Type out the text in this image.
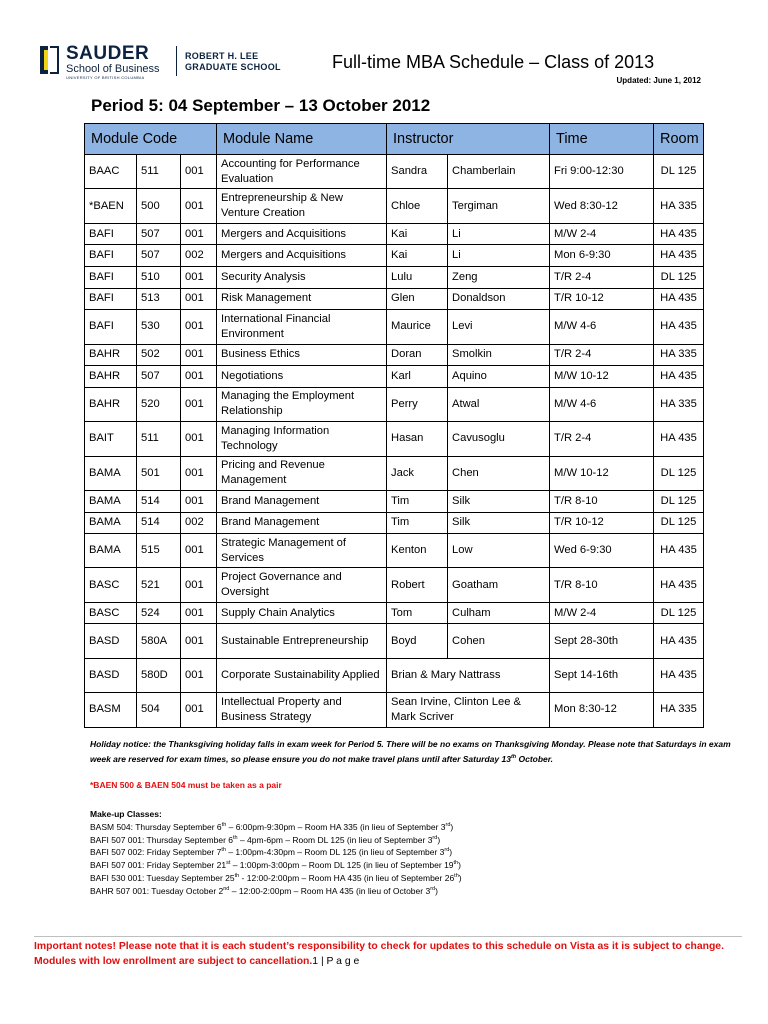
SAUDER
School of Business
UNIVERSITY OF BRITISH COLUMBIA
ROBERT H. LEE
GRADUATE SCHOOL	Full-time MBA Schedule – Class of 2013
Updated: June 1, 2012
Period 5: 04 September – 13 October 2012
Module Code			Module Name	Instructor		Time	Room
BAAC	511	001	Accounting for Performance Evaluation	Sandra	Chamberlain	Fri 9:00-12:30	DL 125
*BAEN	500	001	Entrepreneurship & New Venture Creation	Chloe	Tergiman	Wed 8:30-12	HA 335
BAFI	507	001	Mergers and Acquisitions	Kai	Li	M/W 2-4	HA 435
BAFI	507	002	Mergers and Acquisitions	Kai	Li	Mon 6-9:30	HA 435
BAFI	510	001	Security Analysis	Lulu	Zeng	T/R 2-4	DL 125
BAFI	513	001	Risk Management	Glen	Donaldson	T/R 10-12	HA 435
BAFI	530	001	International Financial Environment	Maurice	Levi	M/W 4-6	HA 435
BAHR	502	001	Business Ethics	Doran	Smolkin	T/R 2-4	HA 335
BAHR	507	001	Negotiations	Karl	Aquino	M/W 10-12	HA 435
BAHR	520	001	Managing the Employment Relationship	Perry	Atwal	M/W 4-6	HA 335
BAIT	511	001	Managing Information Technology	Hasan	Cavusoglu	T/R 2-4	HA 435
BAMA	501	001	Pricing and Revenue Management	Jack	Chen	M/W 10-12	DL 125
BAMA	514	001	Brand Management	Tim	Silk	T/R 8-10	DL 125
BAMA	514	002	Brand Management	Tim	Silk	T/R 10-12	DL 125
BAMA	515	001	Strategic Management of Services	Kenton	Low	Wed 6-9:30	HA 435
BASC	521	001	Project Governance and Oversight	Robert	Goatham	T/R 8-10	HA 435
BASC	524	001	Supply Chain Analytics	Tom	Culham	M/W 2-4	DL 125
BASD	580A	001	Sustainable Entrepreneurship	Boyd	Cohen	Sept 28-30th	HA 435
BASD	580D	001	Corporate Sustainability Applied	Brian & Mary Nattrass		Sept 14-16th	HA 435
BASM	504	001	Intellectual Property and Business Strategy	Sean Irvine, Clinton Lee & Mark Scriver		Mon 8:30-12	HA 335
Holiday notice: the Thanksgiving holiday falls in exam week for Period 5. There will be no exams on Thanksgiving Monday. Please note that Saturdays in exam week are reserved for exam times, so please ensure you do not make travel plans until after Saturday 13th October.
*BAEN 500 & BAEN 504 must be taken as a pair
Make-up Classes:
BASM 504: Thursday September 6th – 6:00pm-9:30pm – Room HA 335 (in lieu of September 3rd)
BAFI 507 001: Thursday September 6th – 4pm-6pm – Room DL 125 (in lieu of September 3rd)
BAFI 507 002: Friday September 7th – 1:00pm-4:30pm – Room DL 125 (in lieu of September 3rd)
BAFI 507 001: Friday September 21st – 1:00pm-3:00pm – Room DL 125 (in lieu of September 19th)
BAFI 530 001: Tuesday September 25th - 12:00-2:00pm – Room HA 435 (in lieu of September 26th)
BAHR 507 001: Tuesday October 2nd – 12:00-2:00pm – Room HA 435 (in lieu of October 3rd)
Important notes! Please note that it is each student’s responsibility to check for updates to this schedule on Vista as it is subject to change. Modules with low enrollment are subject to cancellation.1 | P a g e
